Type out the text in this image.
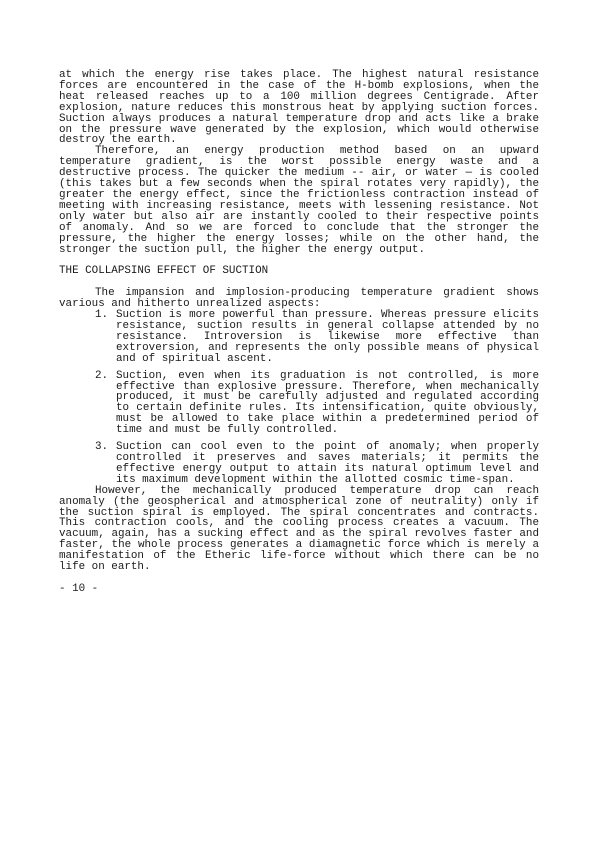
at which the energy rise takes place. The highest natural resistance forces are encountered in the case of the H-bomb explosions, when the heat released reaches up to a 100 million degrees Centigrade. After explosion, nature reduces this monstrous heat by applying suction forces. Suction always produces a natural temperature drop and acts like a brake on the pressure wave generated by the explosion, which would otherwise destroy the earth.

Therefore, an energy production method based on an upward temperature gradient, is the worst possible energy waste and a destructive process. The quicker the medium -- air, or water — is cooled (this takes but a few seconds when the spiral rotates very rapidly), the greater the energy effect, since the frictionless contraction instead of meeting with increasing resistance, meets with lessening resistance. Not only water but also air are instantly cooled to their respective points of anomaly. And so we are forced to conclude that the stronger the pressure, the higher the energy losses; while on the other hand, the stronger the suction pull, the higher the energy output.

THE COLLAPSING EFFECT OF SUCTION

The impansion and implosion-producing temperature gradient shows various and hitherto unrealized aspects:

1. Suction is more powerful than pressure. Whereas pressure elicits resistance, suction results in general collapse attended by no resistance. Introversion is likewise more effective than extroversion, and represents the only possible means of physical and of spiritual ascent.
2. Suction, even when its graduation is not controlled, is more effective than explosive pressure. Therefore, when mechanically produced, it must be carefully adjusted and regulated according to certain definite rules. Its intensification, quite obviously, must be allowed to take place within a predetermined period of time and must be fully controlled.
3. Suction can cool even to the point of anomaly; when properly controlled it preserves and saves materials; it permits the effective energy output to attain its natural optimum level and its maximum development within the allotted cosmic time-span.

However, the mechanically produced temperature drop can reach anomaly (the geospherical and atmospherical zone of neutrality) only if the suction spiral is employed. The spiral concentrates and contracts. This contraction cools, and the cooling process creates a vacuum. The vacuum, again, has a sucking effect and as the spiral revolves faster and faster, the whole process generates a diamagnetic force which is merely a manifestation of the Etheric life-force without which there can be no life on earth.

- 10 -
